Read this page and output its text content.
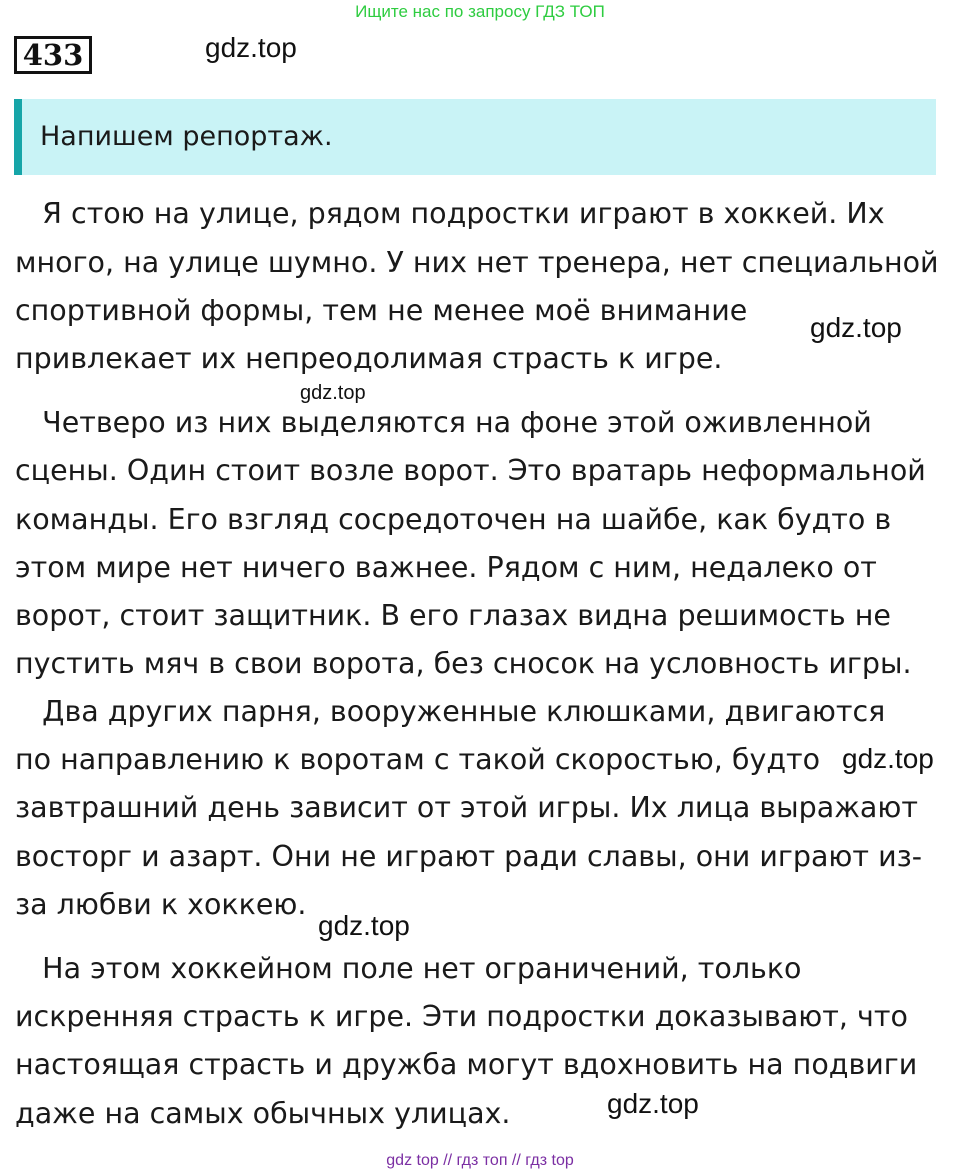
Ищите нас по запросу ГДЗ ТОП
433	gdz.top
Напишем репортаж.
Я стою на улице, рядом подростки играют в хоккей. Их
много, на улице шумно. У них нет тренера, нет специальной
спортивной формы, тем не менее моё внимание
привлекает их непреодолимая страсть к игре.
Четверо из них выделяются на фоне этой оживленной
сцены. Один стоит возле ворот. Это вратарь неформальной
команды. Его взгляд сосредоточен на шайбе, как будто в
этом мире нет ничего важнее. Рядом с ним, недалеко от
ворот, стоит защитник. В его глазах видна решимость не
пустить мяч в свои ворота, без сносок на условность игры.
Два других парня, вооруженные клюшками, двигаются
по направлению к воротам с такой скоростью, будто
завтрашний день зависит от этой игры. Их лица выражают
восторг и азарт. Они не играют ради славы, они играют из-
за любви к хоккею.
На этом хоккейном поле нет ограничений, только
искренняя страсть к игре. Эти подростки доказывают, что
настоящая страсть и дружба могут вдохновить на подвиги
даже на самых обычных улицах.
gdz.top
gdz.top
gdz.top
gdz.top
gdz.top
gdz top // гдз топ // гдз top
